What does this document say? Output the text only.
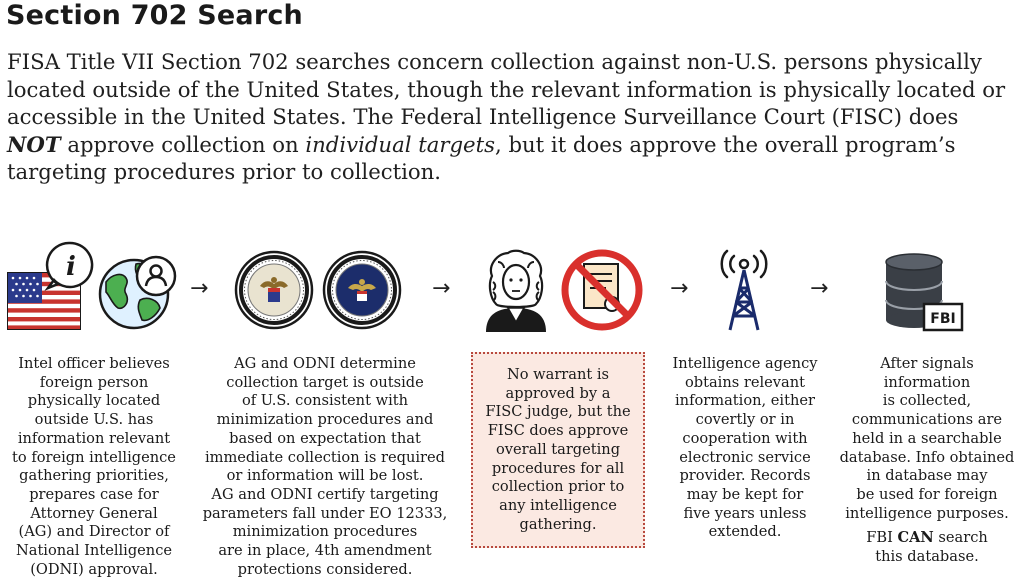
Section 702 Search
FISA Title VII Section 702 searches concern collection against non-U.S. persons physically located outside of the United States, though the relevant information is physically located or accessible in the United States. The Federal Intelligence Surveillance Court (FISC) does NOT approve collection on individual targets, but it does approve the overall program’s targeting procedures prior to collection.
i
→	→	→	→
FBI
Intel officer believes
foreign person
physically located
outside U.S. has
information relevant
to foreign intelligence
gathering priorities,
prepares case for
Attorney General
(AG) and Director of
National Intelligence
(ODNI) approval.
AG and ODNI determine
collection target is outside
of U.S. consistent with
minimization procedures and
based on expectation that
immediate collection is required
or information will be lost.
AG and ODNI certify targeting
parameters fall under EO 12333,
minimization procedures
are in place, 4th amendment
protections considered.
No warrant is
approved by a
FISC judge, but the
FISC does approve
overall targeting
procedures for all
collection prior to
any intelligence
gathering.
Intelligence agency
obtains relevant
information, either
covertly or in
cooperation with
electronic service
provider. Records
may be kept for
five years unless
extended.
After signals
information
is collected,
communications are
held in a searchable
database. Info obtained
in database may
be used for foreign
intelligence purposes.
FBI CAN search
this database.
